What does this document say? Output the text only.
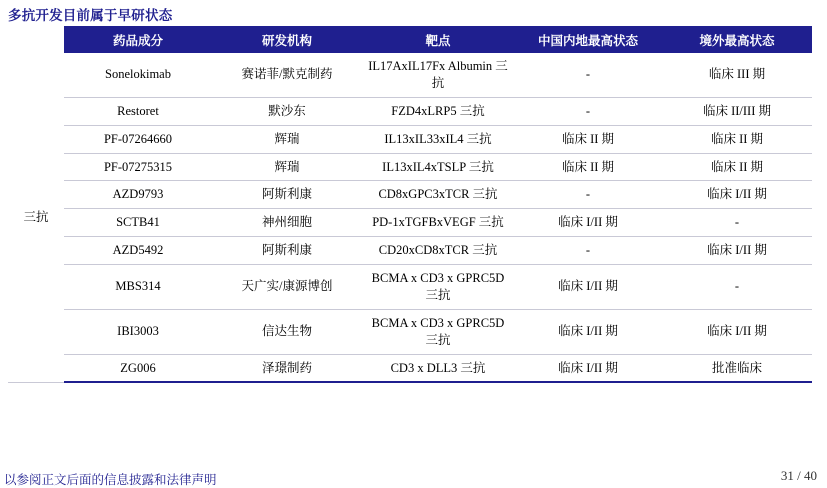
多抗开发目前属于早研状态
	药品成分	研发机构	靶点	中国内地最高状态	境外最高状态
三抗	Sonelokimab	赛诺菲/默克制药	IL17AxIL17Fx Albumin 三抗	-	临床 III 期
	Restoret	默沙东	FZD4xLRP5 三抗	-	临床 II/III 期
	PF-07264660	辉瑞	IL13xIL33xIL4 三抗	临床 II 期	临床 II 期
	PF-07275315	辉瑞	IL13xIL4xTSLP 三抗	临床 II 期	临床 II 期
	AZD9793	阿斯利康	CD8xGPC3xTCR 三抗	-	临床 I/II 期
	SCTB41	神州细胞	PD-1xTGFBxVEGF 三抗	临床 I/II 期	-
	AZD5492	阿斯利康	CD20xCD8xTCR 三抗	-	临床 I/II 期
	MBS314	天广实/康源博创	BCMA x CD3 x GPRC5D 三抗	临床 I/II 期	-
	IBI3003	信达生物	BCMA x CD3 x GPRC5D 三抗	临床 I/II 期	临床 I/II 期
	ZG006	泽璟制药	CD3 x DLL3 三抗	临床 I/II 期	批准临床
以参阅正文后面的信息披露和法律声明	31 / 40
